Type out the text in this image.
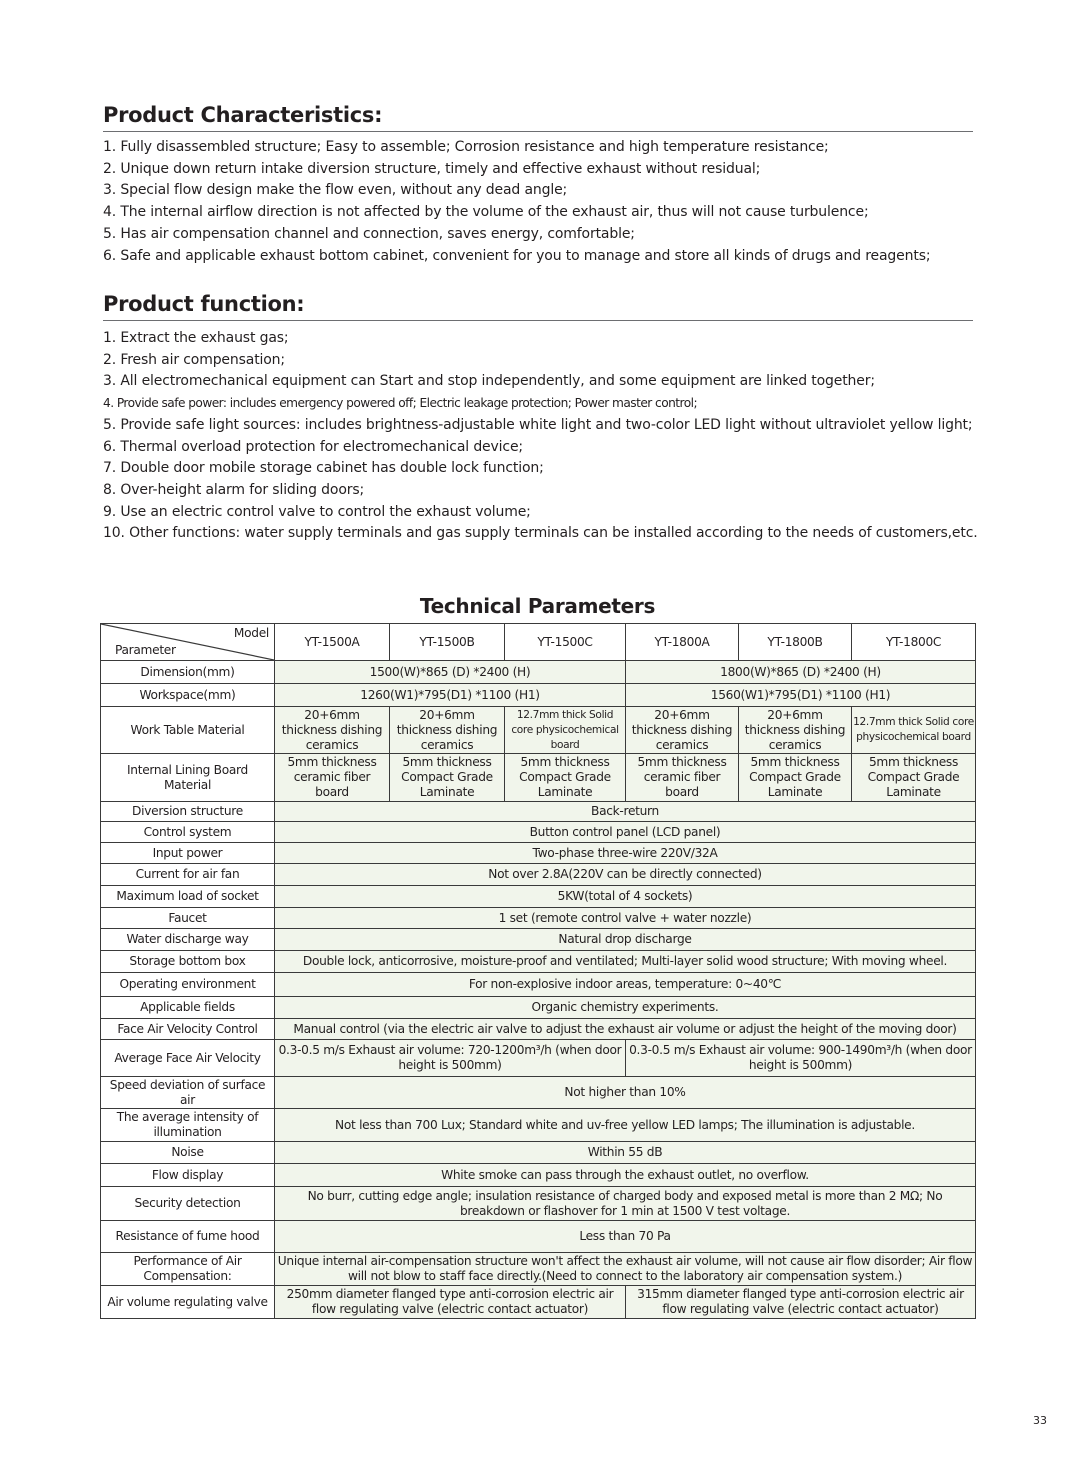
Product Characteristics:
1. Fully disassembled structure; Easy to assemble; Corrosion resistance and high temperature resistance;
2. Unique down return intake diversion structure, timely and effective exhaust without residual;
3. Special flow design make the flow even, without any dead angle;
4. The internal airflow direction is not affected by the volume of the exhaust air, thus will not cause turbulence;
5. Has air compensation channel and connection, saves energy, comfortable;
6. Safe and applicable exhaust bottom cabinet, convenient for you to manage and store all kinds of drugs and reagents;
Product function:
1. Extract the exhaust gas;
2. Fresh air compensation;
3. All electromechanical equipment can Start and stop independently, and some equipment are linked together;
4. Provide safe power: includes emergency powered off; Electric leakage protection; Power master control;
5. Provide safe light sources: includes brightness-adjustable white light and two-color LED light without ultraviolet yellow light;
6. Thermal overload protection for electromechanical device;
7. Double door mobile storage cabinet has double lock function;
8. Over-height alarm for sliding doors;
9. Use an electric control valve to control the exhaust volume;
10. Other functions: water supply terminals and gas supply terminals can be installed according to the needs of customers,etc.
Technical Parameters
Model
Parameter	YT-1500A	YT-1500B	YT-1500C	YT-1800A	YT-1800B	YT-1800C
Dimension(mm)	1500(W)*865 (D) *2400 (H)			1800(W)*865 (D) *2400 (H)		
Workspace(mm)	1260(W1)*795(D1) *1100 (H1)			1560(W1)*795(D1) *1100 (H1)		
Work Table Material	20+6mm thickness dishing ceramics	20+6mm thickness dishing ceramics	12.7mm thick Solid core physicochemical board	20+6mm thickness dishing ceramics	20+6mm thickness dishing ceramics	12.7mm thick Solid core physicochemical board
Internal Lining Board Material	5mm thickness ceramic fiber board	5mm thickness Compact Grade Laminate	5mm thickness Compact Grade Laminate	5mm thickness ceramic fiber board	5mm thickness Compact Grade Laminate	5mm thickness Compact Grade Laminate
Diversion structure	Back-return					
Control system	Button control panel (LCD panel)					
Input power	Two-phase three-wire 220V/32A					
Current for air fan	Not over 2.8A(220V can be directly connected)					
Maximum load of socket	5KW(total of 4 sockets)					
Faucet	1 set (remote control valve + water nozzle)					
Water discharge way	Natural drop discharge					
Storage bottom box	Double lock, anticorrosive, moisture-proof and ventilated; Multi-layer solid wood structure; With moving wheel.					
Operating environment	For non-explosive indoor areas, temperature: 0~40℃					
Applicable fields	Organic chemistry experiments.					
Face Air Velocity Control	Manual control (via the electric air valve to adjust the exhaust air volume or adjust the height of the moving door)					
Average Face Air Velocity	0.3-0.5 m/s Exhaust air volume: 720-1200m³/h (when door height is 500mm)			0.3-0.5 m/s Exhaust air volume: 900-1490m³/h (when door height is 500mm)		
Speed deviation of surface air	Not higher than 10%					
The average intensity of illumination	Not less than 700 Lux; Standard white and uv-free yellow LED lamps; The illumination is adjustable.					
Noise	Within 55 dB					
Flow display	White smoke can pass through the exhaust outlet, no overflow.					
Security detection	No burr, cutting edge angle; insulation resistance of charged body and exposed metal is more than 2 MΩ; No breakdown or flashover for 1 min at 1500 V test voltage.					
Resistance of fume hood	Less than 70 Pa					
Performance of Air Compensation:	Unique internal air-compensation structure won't affect the exhaust air volume, will not cause air flow disorder; Air flow will not blow to staff face directly.(Need to connect to the laboratory air compensation system.)					
Air volume regulating valve	250mm diameter flanged type anti-corrosion electric air flow regulating valve (electric contact actuator)			315mm diameter flanged type anti-corrosion electric air flow regulating valve (electric contact actuator)		
33
